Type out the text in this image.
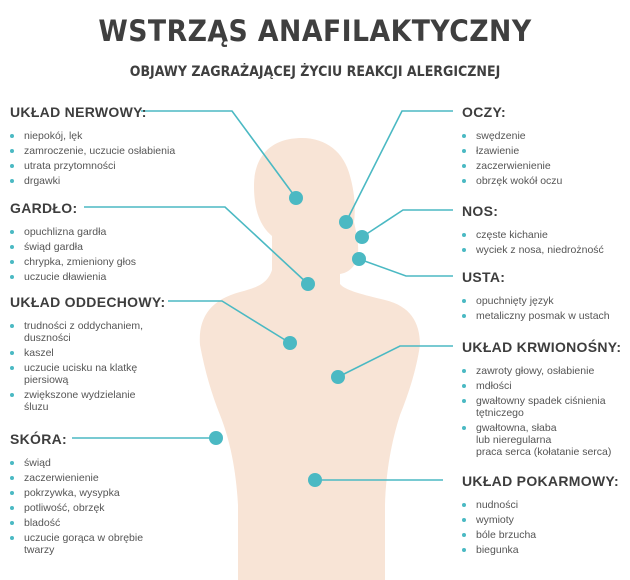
WSTRZĄS ANAFILAKTYCZNY
OBJAWY ZAGRAŻAJĄCEJ ŻYCIU REAKCJI ALERGICZNEJ
UKŁAD NERWOWY:
niepokój, lęk
zamroczenie, uczucie osłabienia
utrata przytomności
drgawki
GARDŁO:
opuchlizna gardła
świąd gardła
chrypka, zmieniony głos
uczucie dławienia
UKŁAD ODDECHOWY:
trudności z oddychaniem,
duszności
kaszel
uczucie ucisku na klatkę
piersiową
zwiększone wydzielanie
śluzu
SKÓRA:
świąd
zaczerwienienie
pokrzywka, wysypka
potliwość, obrzęk
bladość
uczucie gorąca w obrębie
twarzy
OCZY:
swędzenie
łzawienie
zaczerwienienie
obrzęk wokół oczu
NOS:
częste kichanie
wyciek z nosa, niedrożność
USTA:
opuchnięty język
metaliczny posmak w ustach
UKŁAD KRWIONOŚNY:
zawroty głowy, osłabienie
mdłości
gwałtowny spadek ciśnienia
tętniczego
gwałtowna, słaba
lub nieregularna
praca serca (kołatanie serca)
UKŁAD POKARMOWY:
nudności
wymioty
bóle brzucha
biegunka
